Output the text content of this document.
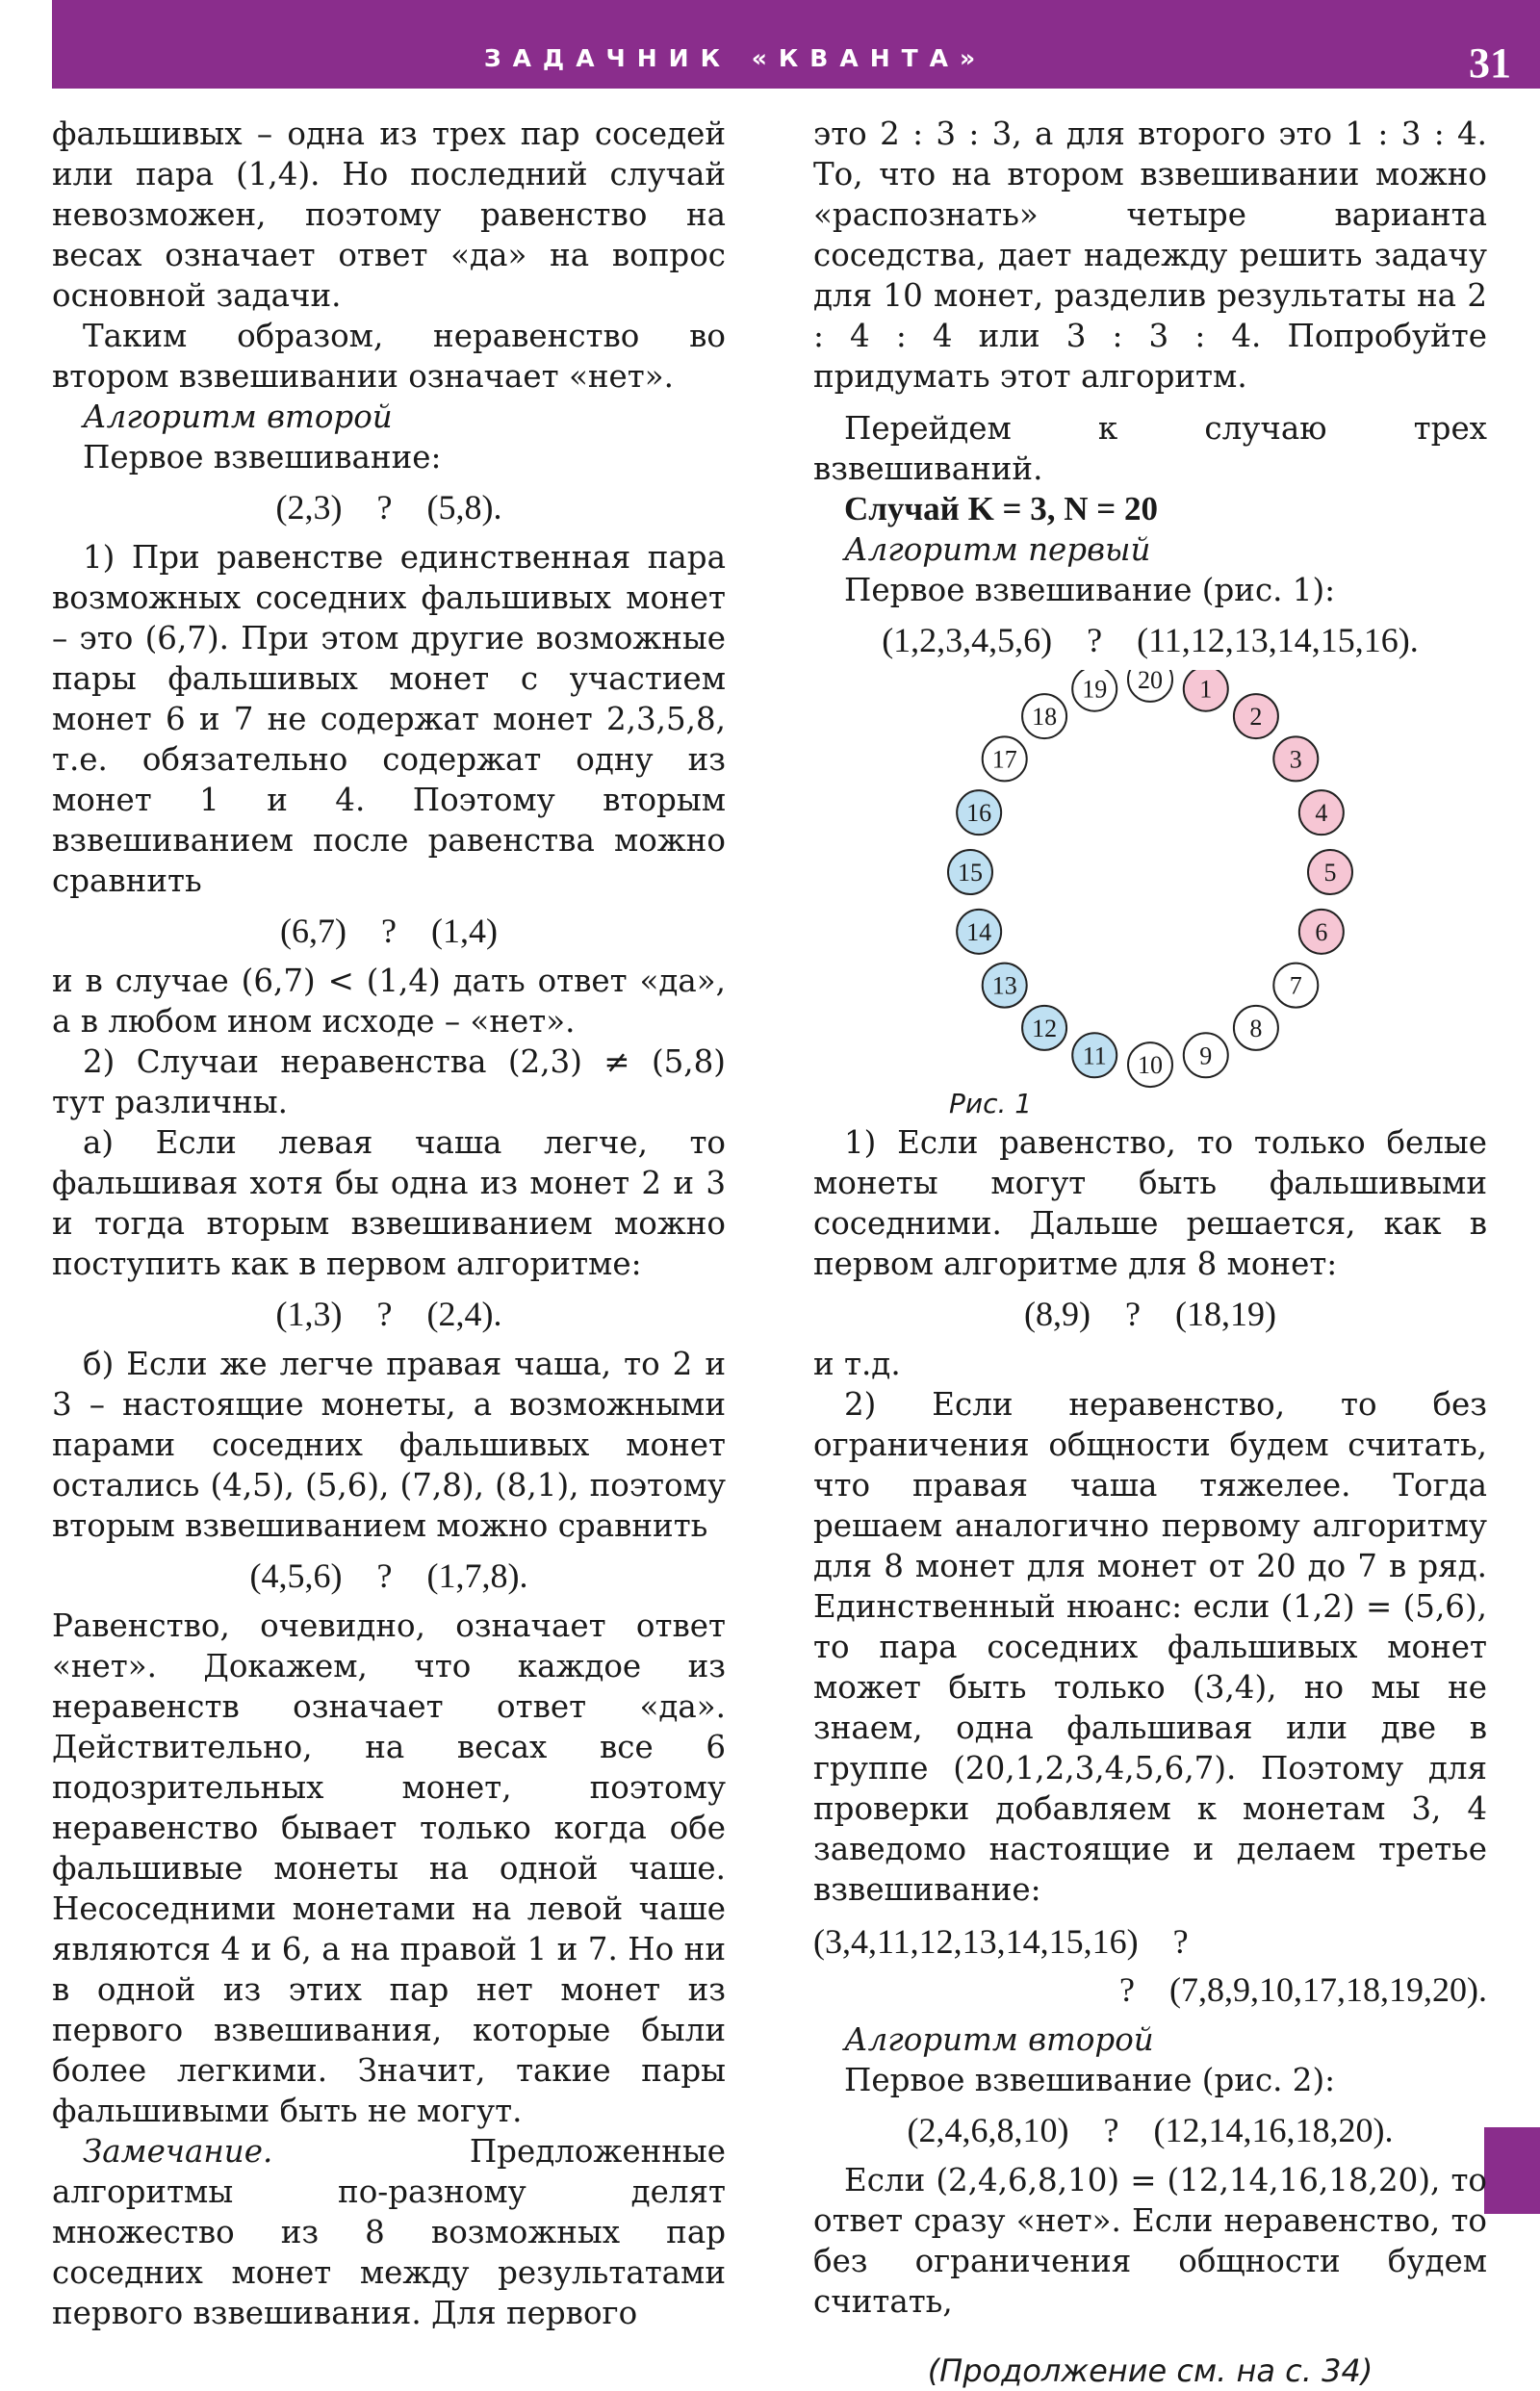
ЗАДАЧНИК «КВАНТА»	31

фальшивых – одна из трех пар соседей или пара (1,4). Но последний случай невозможен, поэтому равенство на весах означает ответ «да» на вопрос основной задачи.

Таким образом, неравенство во втором взвешивании означает «нет».

Алгоритм второй

Первое взвешивание:

(2,3)    ?    (5,8).

1) При равенстве единственная пара возможных соседних фальшивых монет – это (6,7). При этом другие возможные пары фальшивых монет с участием монет 6 и 7 не содержат монет 2,3,5,8, т.е. обязательно содержат одну из монет 1 и 4. Поэтому вторым взвешиванием после равенства можно сравнить

(6,7)    ?    (1,4)

и в случае (6,7) < (1,4) дать ответ «да», а в любом ином исходе – «нет».

2) Случаи неравенства (2,3) ≠ (5,8) тут различны.

а) Если левая чаша легче, то фальшивая хотя бы одна из монет 2 и 3 и тогда вторым взвешиванием можно поступить как в первом алгоритме:

(1,3)    ?    (2,4).

б) Если же легче правая чаша, то 2 и 3 – настоящие монеты, а возможными парами соседних фальшивых монет остались (4,5), (5,6), (7,8), (8,1), поэтому вторым взвешиванием можно сравнить

(4,5,6)    ?    (1,7,8).

Равенство, очевидно, означает ответ «нет». Докажем, что каждое из неравенств означает ответ «да». Действительно, на весах все 6 подозрительных монет, поэтому неравенство бывает только когда обе фальшивые монеты на одной чаше. Несоседними монетами на левой чаше являются 4 и 6, а на правой 1 и 7. Но ни в одной из этих пар нет монет из первого взвешивания, которые были более легкими. Значит, такие пары фальшивыми быть не могут.

Замечание. Предложенные алгоритмы по-разному делят множество из 8 возможных пар соседних монет между результатами первого взвешивания. Для первого

это 2 : 3 : 3, а для второго это 1 : 3 : 4. То, что на втором взвешивании можно «распознать» четыре варианта соседства, дает надежду решить задачу для 10 монет, разделив результаты на 2 : 4 : 4 или 3 : 3 : 4. Попробуйте придумать этот алгоритм.

Перейдем к случаю трех взвешиваний.

Случай K = 3, N = 20

Алгоритм первый

Первое взвешивание (рис. 1):

(1,2,3,4,5,6)    ?    (11,12,13,14,15,16).
1
2
3
4
5
6
7
8
9
10
11
12
13
14
15
16
17
18
19 20
Рис. 1

1) Если равенство, то только белые монеты могут быть фальшивыми соседними. Дальше решается, как в первом алгоритме для 8 монет:

(8,9)    ?    (18,19)

и т.д.

2) Если неравенство, то без ограничения общности будем считать, что правая чаша тяжелее. Тогда решаем аналогично первому алгоритму для 8 монет для монет от 20 до 7 в ряд. Единственный нюанс: если (1,2) = (5,6), то пара соседних фальшивых монет может быть только (3,4), но мы не знаем, одна фальшивая или две в группе (20,1,2,3,4,5,6,7). Поэтому для проверки добавляем к монетам 3, 4 заведомо настоящие и делаем третье взвешивание:

(3,4,11,12,13,14,15,16)    ?
?    (7,8,9,10,17,18,19,20).

Алгоритм второй

Первое взвешивание (рис. 2):

(2,4,6,8,10)    ?    (12,14,16,18,20).

Если (2,4,6,8,10) = (12,14,16,18,20), то ответ сразу «нет». Если неравенство, то без ограничения общности будем считать,

(Продолжение см. на с. 34)
